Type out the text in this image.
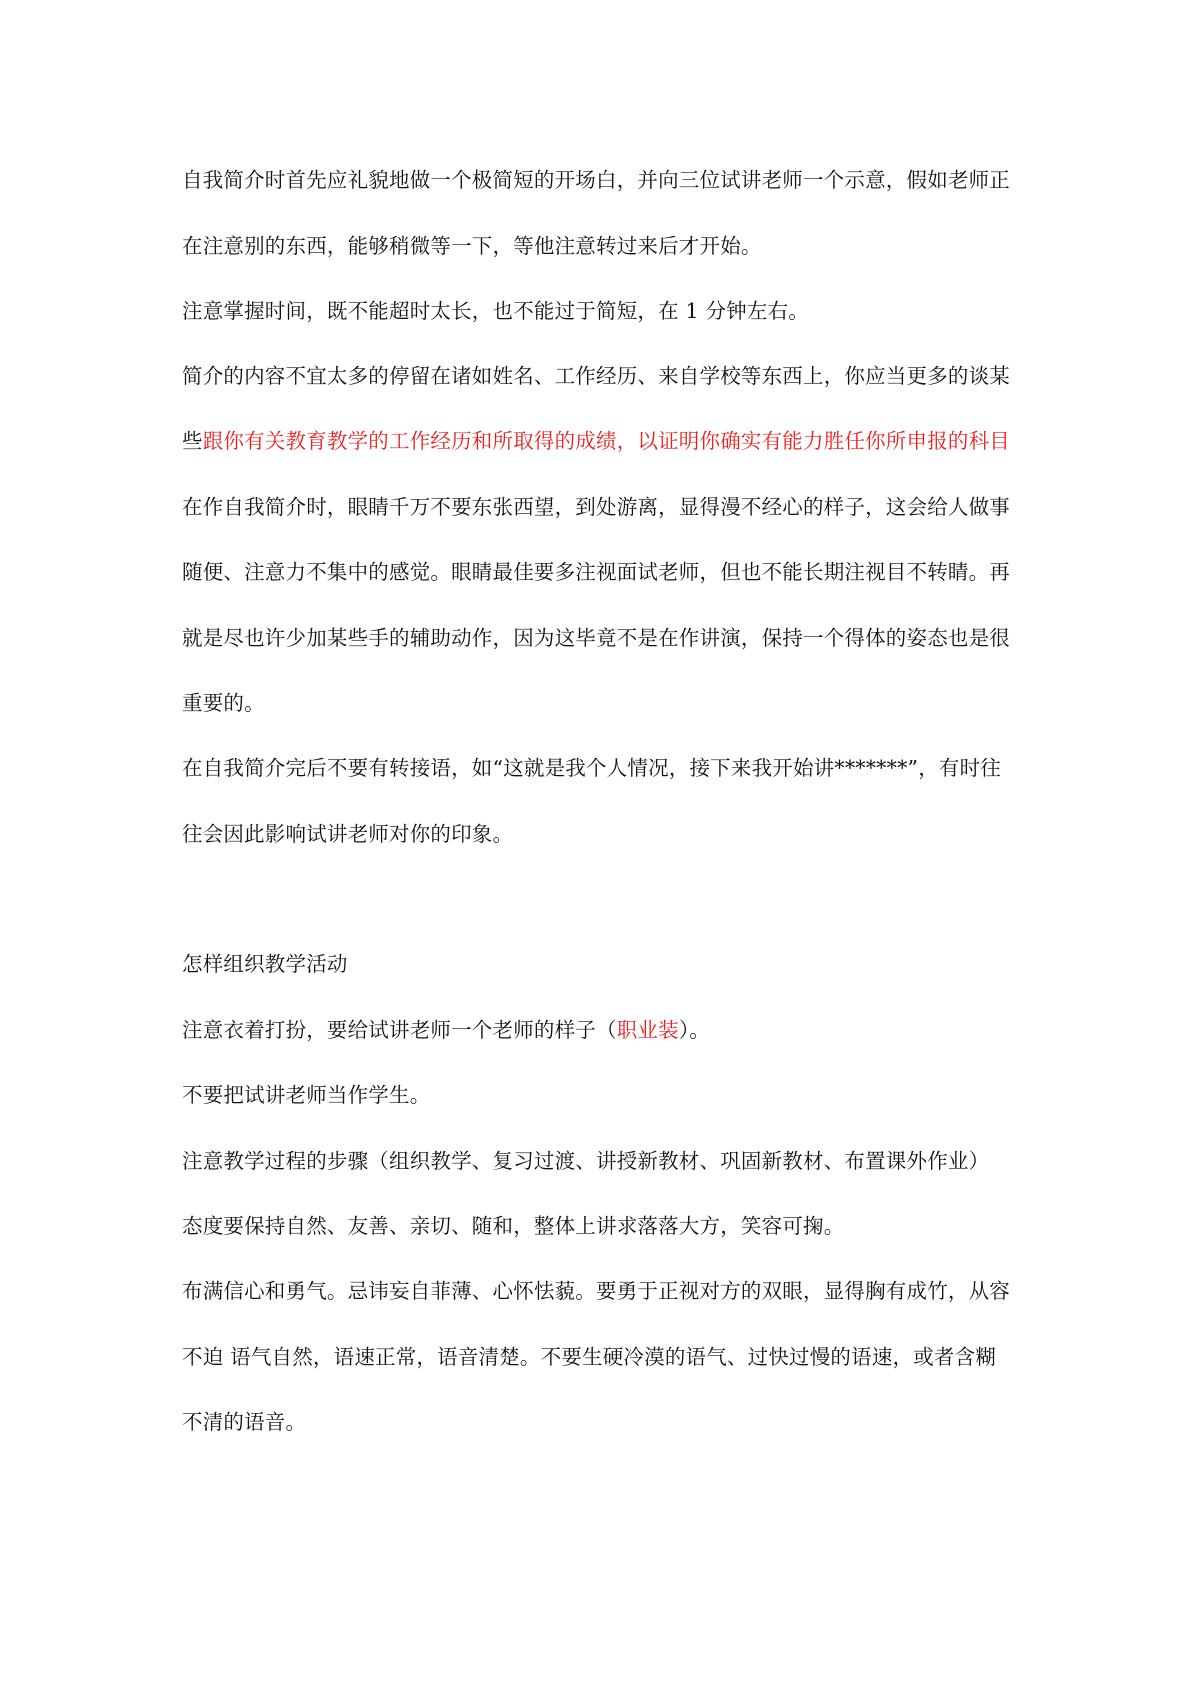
自我简介时首先应礼貌地做一个极简短的开场白，并向三位试讲老师一个示意，假如老师正
在注意别的东西，能够稍微等一下，等他注意转过来后才开始。
注意掌握时间，既不能超时太长，也不能过于简短，在 1 分钟左右。
简介的内容不宜太多的停留在诸如姓名、工作经历、来自学校等东西上，你应当更多的谈某
些跟你有关教育教学的工作经历和所取得的成绩，以证明你确实有能力胜任你所申报的科目
在作自我简介时，眼睛千万不要东张西望，到处游离，显得漫不经心的样子，这会给人做事
随便、注意力不集中的感觉。眼睛最佳要多注视面试老师，但也不能长期注视目不转睛。再
就是尽也许少加某些手的辅助动作，因为这毕竟不是在作讲演，保持一个得体的姿态也是很
重要的。
在自我简介完后不要有转接语，如“这就是我个人情况，接下来我开始讲*******”，有时往
往会因此影响试讲老师对你的印象。
怎样组织教学活动
注意衣着打扮，要给试讲老师一个老师的样子（职业装）。
不要把试讲老师当作学生。
注意教学过程的步骤（组织教学、复习过渡、讲授新教材、巩固新教材、布置课外作业）
态度要保持自然、友善、亲切、随和，整体上讲求落落大方，笑容可掬。
布满信心和勇气。忌讳妄自菲薄、心怀怯藐。要勇于正视对方的双眼，显得胸有成竹，从容
不迫 语气自然，语速正常，语音清楚。不要生硬冷漠的语气、过快过慢的语速，或者含糊
不清的语音。
